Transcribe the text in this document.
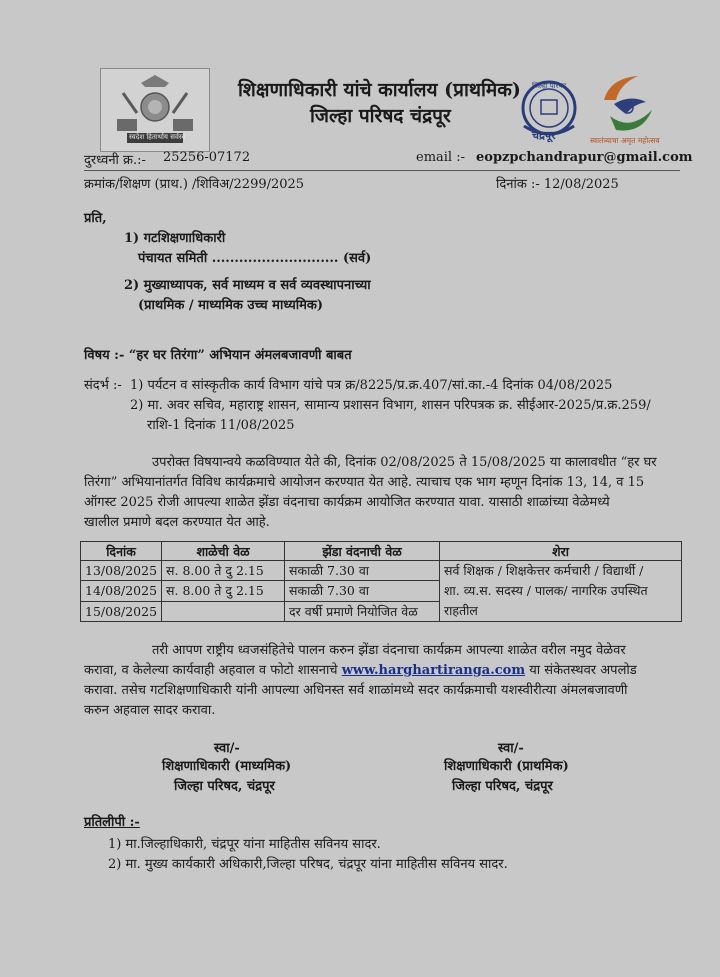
स्वदेश हितार्थाय सर्वस्वं
शिक्षणाधिकारी यांचे कार्यालय (प्राथमिक)
जिल्हा परिषद चंद्रपूर
जिल्हा परिषद
चंद्रपूर	स्वातंत्र्याचा अमृत महोत्सव
दुरध्वनी क्र.:- 25256-07172	email :- eopzpchandrapur@gmail.com
क्रमांक/शिक्षण (प्राथ.) /शिविअ/2299/2025	दिनांक :- 12/08/2025
प्रति,
1) गटशिक्षणाधिकारी
पंचायत समिती ............................ (सर्व)
2) मुख्याध्यापक, सर्व माध्यम व सर्व व्यवस्थापनाच्या
(प्राथमिक / माध्यमिक उच्च माध्यमिक)
विषय :- “हर घर तिरंगा” अभियान अंमलबजावणी बाबत
संदर्भ :- 1) पर्यटन व सांस्कृतीक कार्य विभाग यांचे पत्र क्र/8225/प्र.क्र.407/सां.का.-4 दिनांक 04/08/2025
2) मा. अवर सचिव, महाराष्ट्र शासन, सामान्य प्रशासन विभाग, शासन परिपत्रक क्र. सीईआर-2025/प्र.क्र.259/
राशि-1 दिनांक 11/08/2025
उपरोक्त विषयान्वये कळविण्यात येते की, दिनांक 02/08/2025 ते 15/08/2025 या कालावधीत “हर घर
तिरंगा” अभियानांतर्गत विविध कार्यक्रमाचे आयोजन करण्यात येत आहे. त्याचाच एक भाग म्हणून दिनांक 13, 14, व 15
ऑगस्ट 2025 रोजी आपल्या शाळेत झेंडा वंदनाचा कार्यक्रम आयोजित करण्यात यावा. यासाठी शाळांच्या वेळेमध्ये
खालील प्रमाणे बदल करण्यात येत आहे.
दिनांक	शाळेची वेळ	झेंडा वंदनाची वेळ	शेरा
13/08/2025	स. 8.00 ते दु 2.15	सकाळी 7.30 वा	सर्व शिक्षक / शिक्षकेत्तर कर्मचारी / विद्यार्थी /
शा. व्य.स. सदस्य / पालक/ नागरिक उपस्थित
राहतील

14/08/2025	स. 8.00 ते दु 2.15	सकाळी 7.30 वा	
15/08/2025		दर वर्षी प्रमाणे नियोजित वेळ	
तरी आपण राष्ट्रीय ध्वजसंहितेचे पालन करुन झेंडा वंदनाचा कार्यक्रम आपल्या शाळेत वरील नमुद वेळेवर
करावा, व केलेल्या कार्यवाही अहवाल व फोटो शासनाचे www.harghartiranga.com या संकेतस्थवर अपलोड
करावा. तसेच गटशिक्षणाधिकारी यांनी आपल्या अधिनस्त सर्व शाळांमध्ये सदर कार्यक्रमाची यशस्वीरीत्या अंमलबजावणी
करुन अहवाल सादर करावा.
स्वा/-
शिक्षणाधिकारी (माध्यमिक)
जिल्हा परिषद, चंद्रपूर
स्वा/-
शिक्षणाधिकारी (प्राथमिक)
जिल्हा परिषद, चंद्रपूर
प्रतिलीपी :-
1) मा.जिल्हाधिकारी, चंद्रपूर यांना माहितीस सविनय सादर.
2) मा. मुख्य कार्यकारी अधिकारी,जिल्हा परिषद, चंद्रपूर यांना माहितीस सविनय सादर.
